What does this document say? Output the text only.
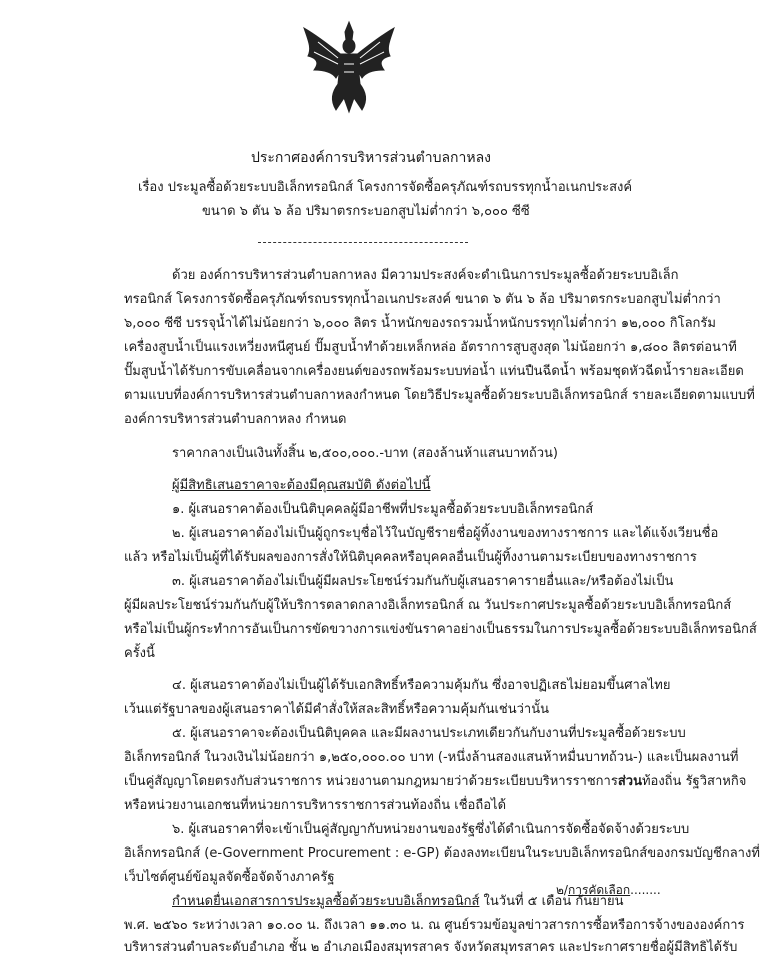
ประกาศองค์การบริหารส่วนตำบลกาหลง
เรื่อง ประมูลซื้อด้วยระบบอิเล็กทรอนิกส์ โครงการจัดซื้อครุภัณฑ์รถบรรทุกน้ำอเนกประสงค์
ขนาด ๖ ตัน ๖ ล้อ ปริมาตรกระบอกสูบไม่ต่ำกว่า ๖,๐๐๐ ซีซี
ด้วย องค์การบริหารส่วนตำบลกาหลง มีความประสงค์จะดำเนินการประมูลซื้อด้วยระบบอิเล็ก
ทรอนิกส์ โครงการจัดซื้อครุภัณฑ์รถบรรทุกน้ำอเนกประสงค์ ขนาด ๖ ตัน ๖ ล้อ ปริมาตรกระบอกสูบไม่ต่ำกว่า
๖,๐๐๐ ซีซี บรรจุน้ำได้ไม่น้อยกว่า ๖,๐๐๐ ลิตร น้ำหนักของรถรวมน้ำหนักบรรทุกไม่ต่ำกว่า ๑๒,๐๐๐ กิโลกรัม
เครื่องสูบน้ำเป็นแรงเหวี่ยงหนีศูนย์ ปั๊มสูบน้ำทำด้วยเหล็กหล่อ อัตราการสูบสูงสุด ไม่น้อยกว่า ๑,๘๐๐ ลิตรต่อนาที
ปั๊มสูบน้ำได้รับการขับเคลื่อนจากเครื่องยนต์ของรถพร้อมระบบท่อน้ำ แท่นปืนฉีดน้ำ พร้อมชุดหัวฉีดน้ำรายละเอียด
ตามแบบที่องค์การบริหารส่วนตำบลกาหลงกำหนด โดยวิธีประมูลซื้อด้วยระบบอิเล็กทรอนิกส์ รายละเอียดตามแบบที่
องค์การบริหารส่วนตำบลกาหลง กำหนด
ราคากลางเป็นเงินทั้งสิ้น ๒,๕๐๐,๐๐๐.-บาท (สองล้านห้าแสนบาทถ้วน)
ผู้มีสิทธิเสนอราคาจะต้องมีคุณสมบัติ ดังต่อไปนี้
๑. ผู้เสนอราคาต้องเป็นนิติบุคคลผู้มีอาชีพที่ประมูลซื้อด้วยระบบอิเล็กทรอนิกส์
๒. ผู้เสนอราคาต้องไม่เป็นผู้ถูกระบุชื่อไว้ในบัญชีรายชื่อผู้ทิ้งงานของทางราชการ และได้แจ้งเวียนชื่อ
แล้ว หรือไม่เป็นผู้ที่ได้รับผลของการสั่งให้นิติบุคคลหรือบุคคลอื่นเป็นผู้ทิ้งงานตามระเบียบของทางราชการ
๓. ผู้เสนอราคาต้องไม่เป็นผู้มีผลประโยชน์ร่วมกันกับผู้เสนอราคารายอื่นและ/หรือต้องไม่เป็น
ผู้มีผลประโยชน์ร่วมกันกับผู้ให้บริการตลาดกลางอิเล็กทรอนิกส์ ณ วันประกาศประมูลซื้อด้วยระบบอิเล็กทรอนิกส์
หรือไม่เป็นผู้กระทำการอันเป็นการขัดขวางการแข่งขันราคาอย่างเป็นธรรมในการประมูลซื้อด้วยระบบอิเล็กทรอนิกส์
ครั้งนี้
๔. ผู้เสนอราคาต้องไม่เป็นผู้ได้รับเอกสิทธิ์หรือความคุ้มกัน ซึ่งอาจปฏิเสธไม่ยอมขึ้นศาลไทย
เว้นแต่รัฐบาลของผู้เสนอราคาได้มีคำสั่งให้สละสิทธิ์หรือความคุ้มกันเช่นว่านั้น
๕. ผู้เสนอราคาจะต้องเป็นนิติบุคคล และมีผลงานประเภทเดียวกันกับงานที่ประมูลซื้อด้วยระบบ
อิเล็กทรอนิกส์ ในวงเงินไม่น้อยกว่า ๑,๒๕๐,๐๐๐.๐๐ บาท (-หนึ่งล้านสองแสนห้าหมื่นบาทถ้วน-) และเป็นผลงานที่
เป็นคู่สัญญาโดยตรงกับส่วนราชการ หน่วยงานตามกฎหมายว่าด้วยระเบียบบริหารราชการส่วนท้องถิ่น รัฐวิสาหกิจ
หรือหน่วยงานเอกชนที่หน่วยการบริหารราชการส่วนท้องถิ่น เชื่อถือได้
๖. ผู้เสนอราคาที่จะเข้าเป็นคู่สัญญากับหน่วยงานของรัฐซึ่งได้ดำเนินการจัดซื้อจัดจ้างด้วยระบบ
อิเล็กทรอนิกส์ (e-Government Procurement : e-GP) ต้องลงทะเบียนในระบบอิเล็กทรอนิกส์ของกรมบัญชีกลางที่
เว็บไซต์ศูนย์ข้อมูลจัดซื้อจัดจ้างภาครัฐ
กำหนดยื่นเอกสารการประมูลซื้อด้วยระบบอิเล็กทรอนิกส์ ในวันที่ ๕ เดือน กันยายน
พ.ศ. ๒๕๖๐ ระหว่างเวลา ๑๐.๐๐ น. ถึงเวลา ๑๑.๓๐ น. ณ ศูนย์รวมข้อมูลข่าวสารการซื้อหรือการจ้างขององค์การ
บริหารส่วนตำบลระดับอำเภอ ชั้น ๒ อำเภอเมืองสมุทรสาคร จังหวัดสมุทรสาคร และประกาศรายชื่อผู้มีสิทธิได้รับ
๒/การคัดเลือก........
